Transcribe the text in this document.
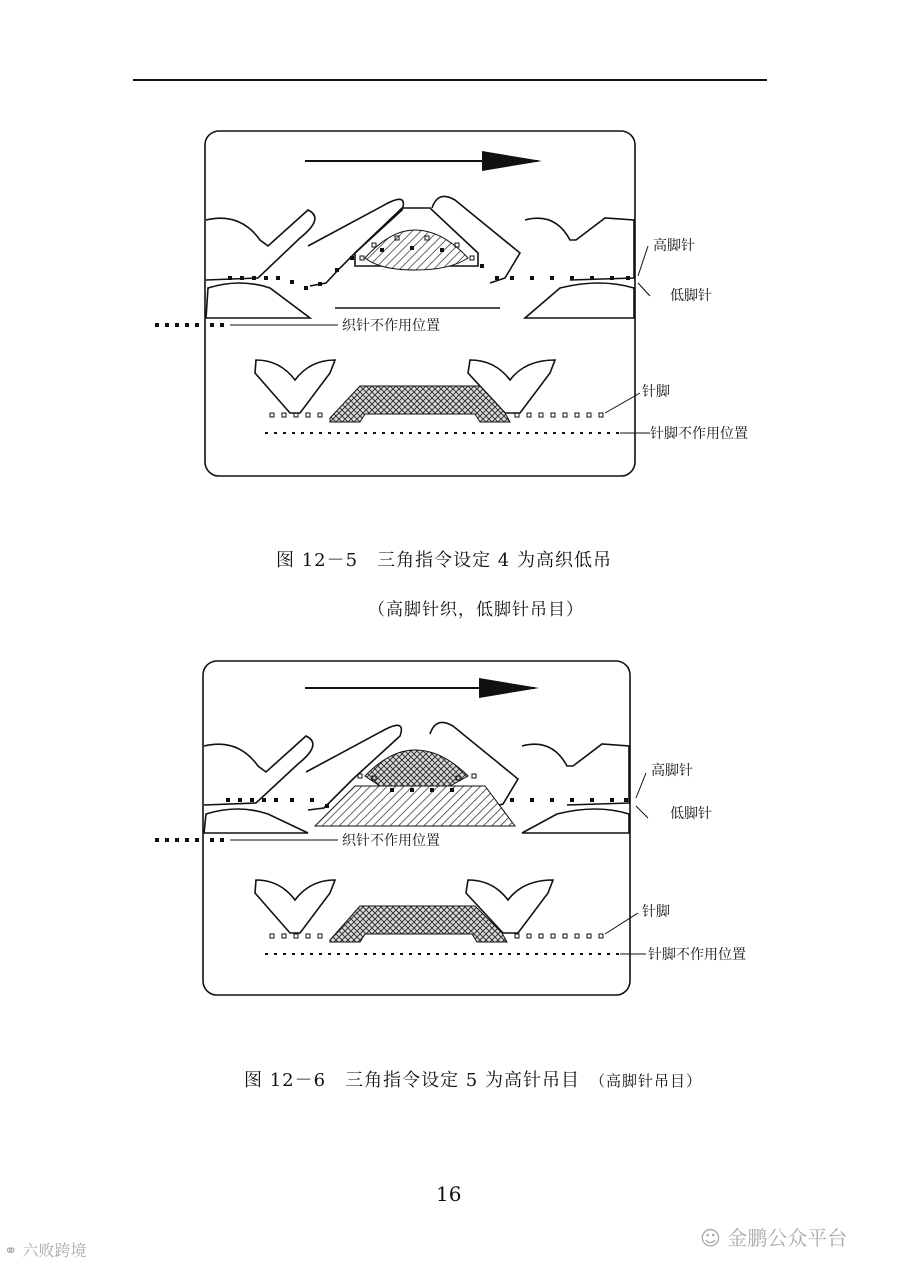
高脚针
低脚针
织针不作用位置
针脚
针脚不作用位置
图 12－5　三角指令设定 4 为高织低吊
（高脚针织，低脚针吊目）
高脚针
低脚针
织针不作用位置
针脚
针脚不作用位置
图 12－6　三角指令设定 5 为高针吊目 （高脚针吊目）
16
⚭ 六败跨境
☺ 金鹏公众平台
